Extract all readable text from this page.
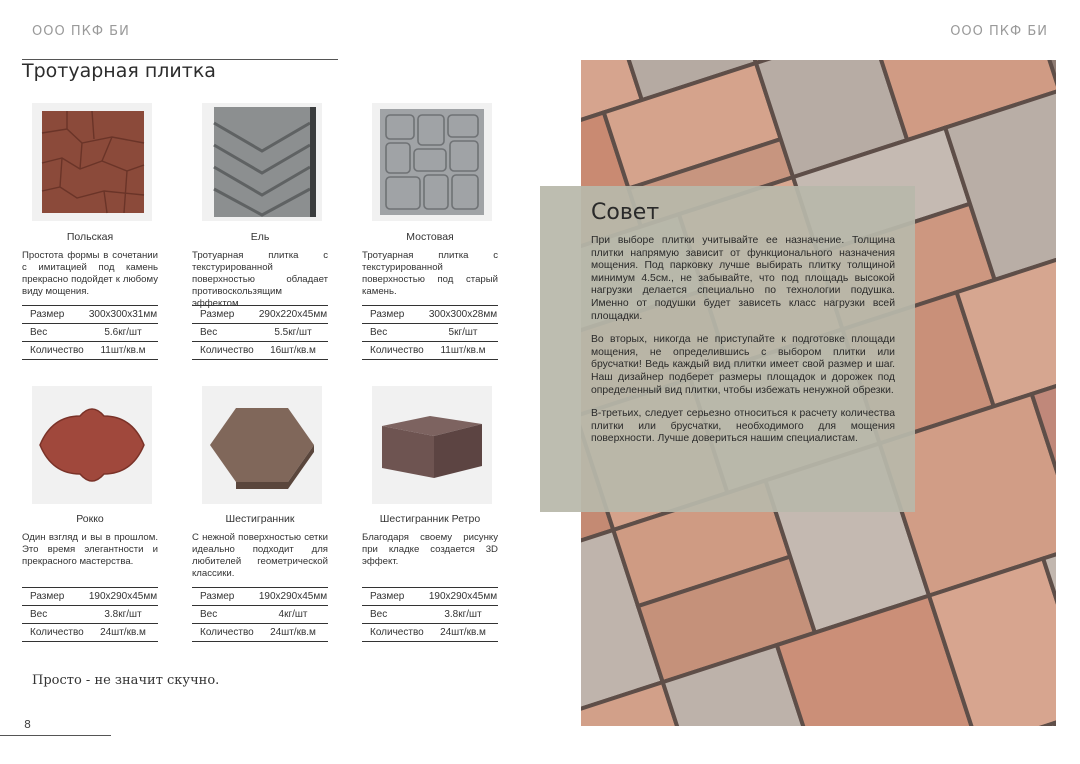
ООО ПКФ БИ	ООО ПКФ БИ
Тротуарная плитка
Польская
Простота формы в сочетании с имитацией под камень прекрасно подойдет к любому виду мощения.
Размер	300х300х31мм
Вес	5.6кг/шт
Количество	11шт/кв.м
Ель
Тротуарная плитка с текстурированной поверхностью обладает противоскользящим эффектом.
Размер	290х220х45мм
Вес	5.5кг/шт
Количество	16шт/кв.м
Мостовая
Тротуарная плитка с текстурированной поверхностью под старый камень.
Размер	300х300х28мм
Вес	5кг/шт
Количество	11шт/кв.м
Рокко
Один взгляд и вы в прошлом. Это время элегантности и прекрасного мастерства.
Размер	190х290х45мм
Вес	3.8кг/шт
Количество	24шт/кв.м
Шестигранник
С нежной поверхностью сетки идеально подходит для любителей геометрической классики.
Размер	190х290х45мм
Вес	4кг/шт
Количество	24шт/кв.м
Шестигранник Ретро
Благодаря своему рисунку при кладке создается 3D эффект.
Размер	190х290х45мм
Вес	3.8кг/шт
Количество	24шт/кв.м
Просто - не значит скучно.
8
Совет

При выборе плитки учитывайте ее назначение. Толщина плитки напрямую зависит от функционального назначения мощения. Под парковку лучше выбирать плитку толщиной минимум 4.5см., не забывайте, что под площадь высокой нагрузки делается специально по технологии подушка. Именно от подушки будет зависеть класс нагрузки всей площадки.

Во вторых, никогда не приступайте к подготовке площади мощения, не определившись с выбором плитки или брусчатки! Ведь каждый вид плитки имеет свой размер и шаг. Наш дизайнер подберет размеры площадок и дорожек под определенный вид плитки, чтобы избежать ненужной обрезки.

В-третьих, следует серьезно относиться к расчету количества плитки или брусчатки, необходимого для мощения поверхности. Лучше довериться нашим специалистам.
